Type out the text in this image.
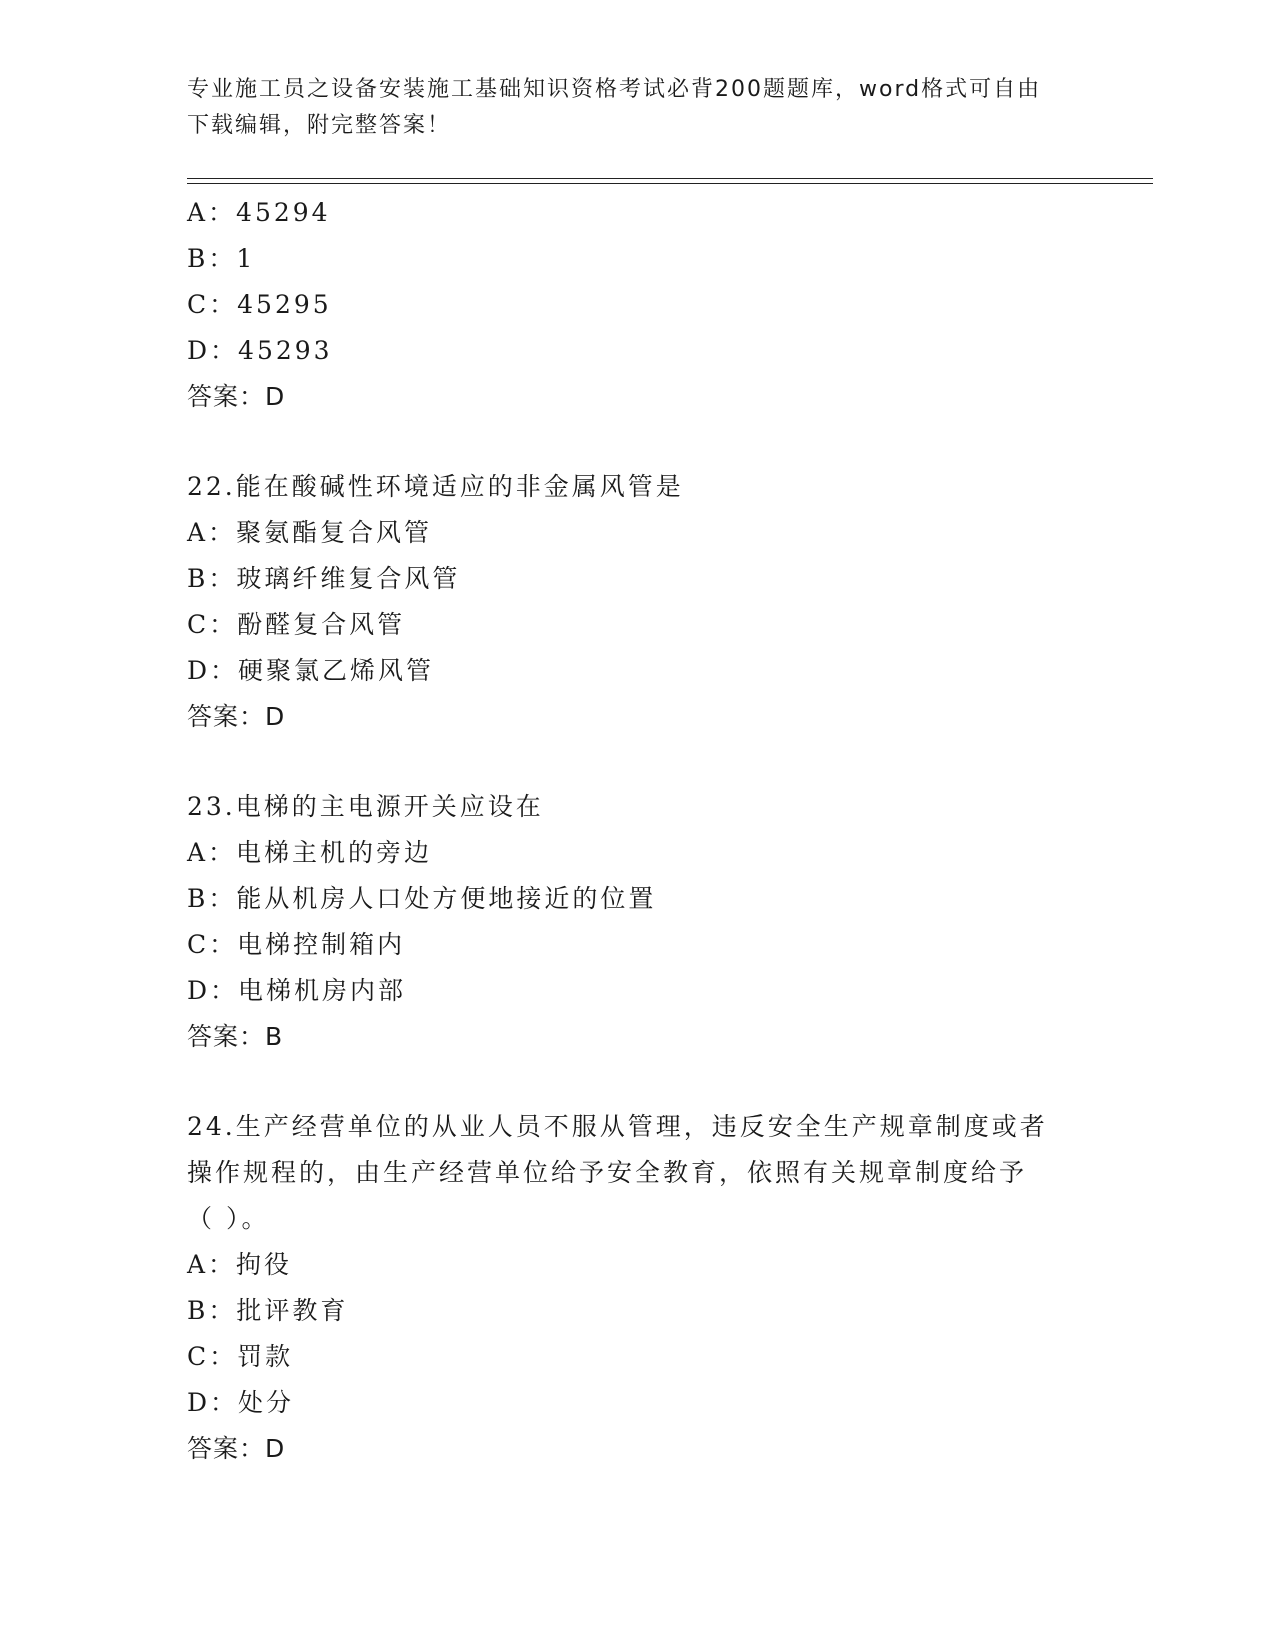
专业施工员之设备安装施工基础知识资格考试必背200题题库，word格式可自由
下载编辑，附完整答案！
A：45294
B：1
C：45295
D：45293
答案：D
22.能在酸碱性环境适应的非金属风管是
A：聚氨酯复合风管
B：玻璃纤维复合风管
C：酚醛复合风管
D：硬聚氯乙烯风管
答案：D
23.电梯的主电源开关应设在
A：电梯主机的旁边
B：能从机房人口处方便地接近的位置
C：电梯控制箱内
D：电梯机房内部
答案：B
24.生产经营单位的从业人员不服从管理，违反安全生产规章制度或者
操作规程的，由生产经营单位给予安全教育，依照有关规章制度给予
（ ）。
A：拘役
B：批评教育
C：罚款
D：处分
答案：D
